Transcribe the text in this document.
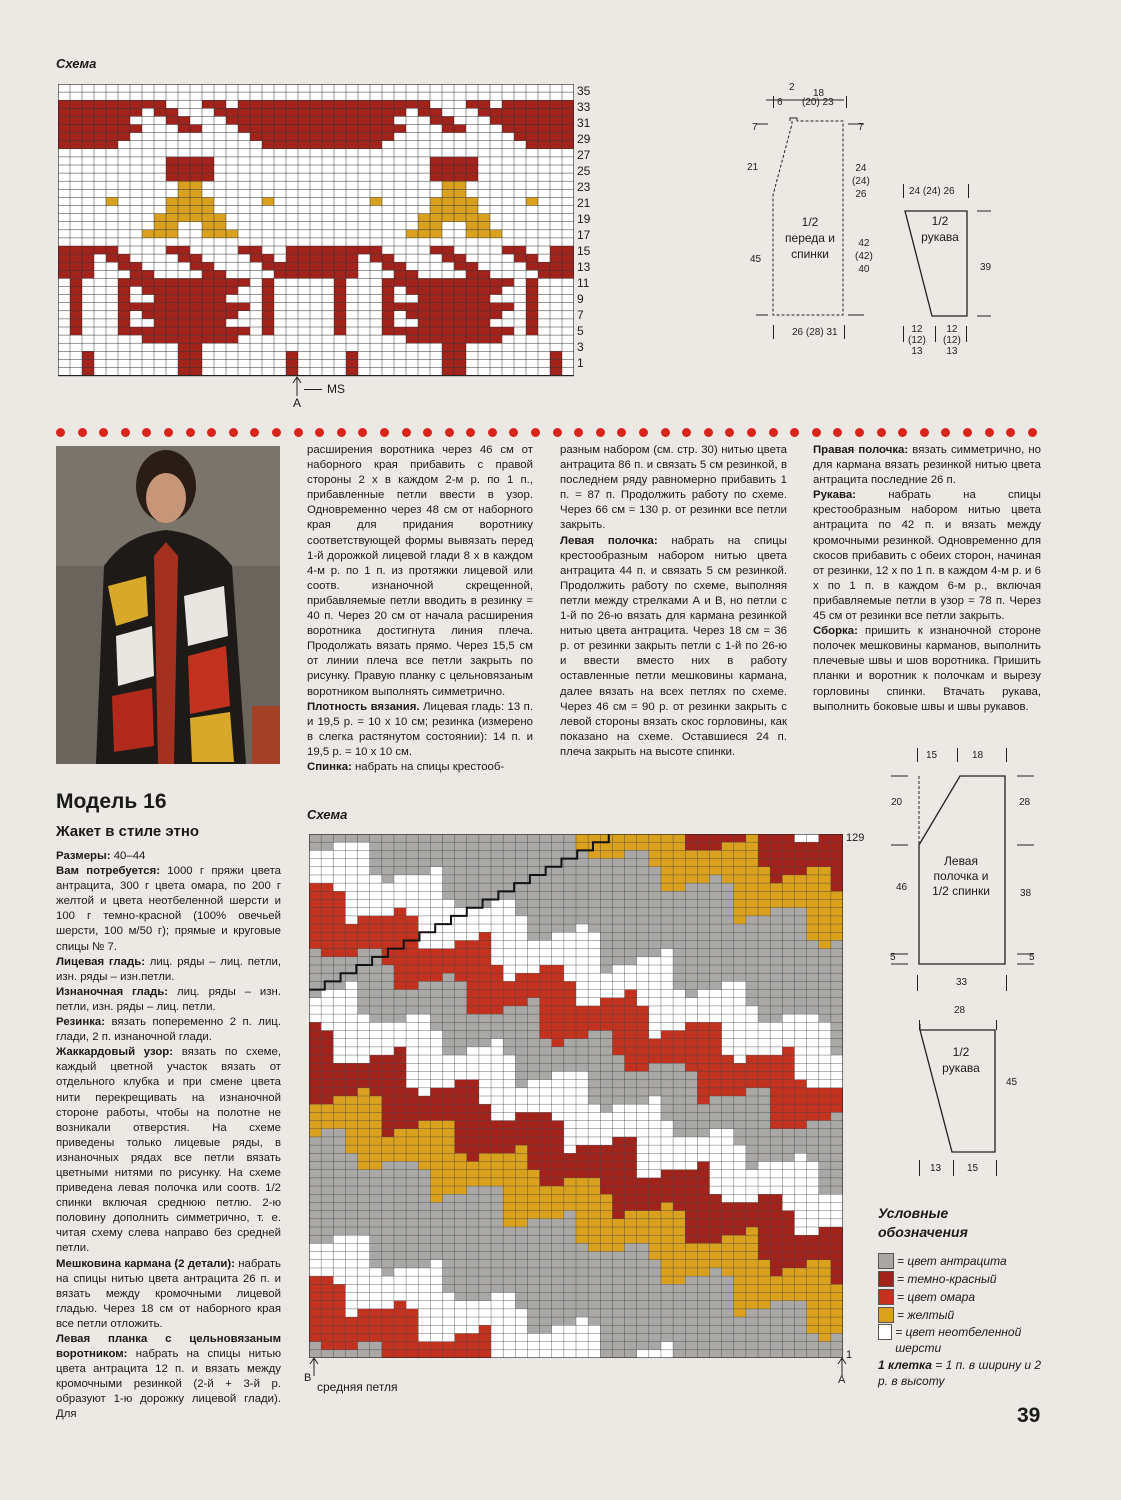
Схема
35
33
31
29
27
25
23
21
19
17
15
13
11
9
7
5
3
1
A
MS
2
18
6 (20) 23
7	7
21	24
(24)
26
1/2
переда и
спинки
42
(42)
40
45
26 (28) 31
24 (24) 26
1/2
рукава
39
12
(12)
13
12
(12)
13
Модель 16
Жакет в стиле этно

Размеры: 40–44

Вам потребуется: 1000 г пряжи цвета антрацита, 300 г цвета омара, по 200 г желтой и цвета неотбеленной шерсти и 100 г темно-красной (100% овечьей шерсти, 100 м/50 г); прямые и круговые спицы № 7.

Лицевая гладь: лиц. ряды – лиц. петли, изн. ряды – изн.петли.

Изнаночная гладь: лиц. ряды – изн. петли, изн. ряды – лиц. петли.

Резинка: вязать попеременно 2 п. лиц. глади, 2 п. изнаночной глади.

Жаккардовый узор: вязать по схеме, каждый цветной участок вязать от отдельного клубка и при смене цвета нити перекрещивать на изнаночной стороне работы, чтобы на полотне не возникали отверстия. На схеме приведены только лицевые ряды, в изнаночных рядах все петли вязать цветными нитями по рисунку. На схеме приведена левая полочка или соотв. 1/2 спинки включая среднюю петлю. 2-ю половину дополнить симметрично, т. е. читая схему слева направо без средней петли.

Мешковина кармана (2 детали): набрать на спицы нитью цвета антрацита 26 п. и вязать между кромочными лицевой гладью. Через 18 см от наборного края все петли отложить.

Левая планка с цельновязаным воротником: набрать на спицы нитью цвета антрацита 12 п. и вязать между кромочными резинкой (2-й + 3-й р. образуют 1-ю дорожку лицевой глади). Для

расширения воротника через 46 см от наборного края прибавить с правой стороны 2 х в каждом 2-м р. по 1 п., прибавленные петли ввести в узор. Одновременно через 48 см от наборного края для придания воротнику соответствующей формы вывязать перед 1-й дорожкой лицевой глади 8 х в каждом 4-м р. по 1 п. из протяжки лицевой или соотв. изнаночной скрещенной, прибавляемые петли вводить в резинку = 40 п. Через 20 см от начала расширения воротника достигнута линия плеча. Продолжать вязать прямо. Через 15,5 см от линии плеча все петли закрыть по рисунку. Правую планку с цельновязаным воротником выполнять симметрично.

Плотность вязания. Лицевая гладь: 13 п. и 19,5 р. = 10 х 10 см; резинка (измерено в слегка растянутом состоянии): 14 п. и 19,5 р. = 10 х 10 см.

Спинка: набрать на спицы крестооб-

разным набором (см. стр. 30) нитью цвета антрацита 86 п. и связать 5 см резинкой, в последнем ряду равномерно прибавить 1 п. = 87 п. Продолжить работу по схеме. Через 66 см = 130 р. от резинки все петли закрыть.

Левая полочка: набрать на спицы крестообразным набором нитью цвета антрацита 44 п. и связать 5 см резинкой. Продолжить работу по схеме, выполняя петли между стрелками А и В, но петли с 1-й по 26-ю вязать для кармана резинкой нитью цвета антрацита. Через 18 см = 36 р. от резинки закрыть петли с 1-й по 26-ю и ввести вместо них в работу оставленные петли мешковины кармана, далее вязать на всех петлях по схеме. Через 46 см = 90 р. от резинки закрыть с левой стороны вязать скос горловины, как показано на схеме. Оставшиеся 24 п. плеча закрыть на высоте спинки.

Правая полочка: вязать симметрично, но для кармана вязать резинкой нитью цвета антрацита последние 26 п.

Рукава: набрать на спицы крестообразным набором нитью цвета антрацита по 42 п. и вязать между кромочными резинкой. Одновременно для скосов прибавить с обеих сторон, начиная от резинки, 12 х по 1 п. в каждом 4-м р. и 6 х по 1 п. в каждом 6-м р., включая прибавляемые петли в узор = 78 п. Через 45 см от резинки все петли закрыть.

Сборка: пришить к изнаночной стороне полочек мешковины карманов, выполнить плечевые швы и шов воротника. Пришить планки и воротник к полочкам и вырезу горловины спинки. Втачать рукава, выполнить боковые швы и швы рукавов.

Схема
129
1
B	A
средняя петля
15	18
20	28
Левая
полочка и
1/2 спинки
46
38
5	5
33
28
1/2
рукава
45
13	15
Условные
обозначения
= цвет антрацита
= темно-красный
= цвет омара
= желтый
= цвет неотбеленной шерсти
1 клетка = 1 п. в ширину и 2 р. в высоту
39
